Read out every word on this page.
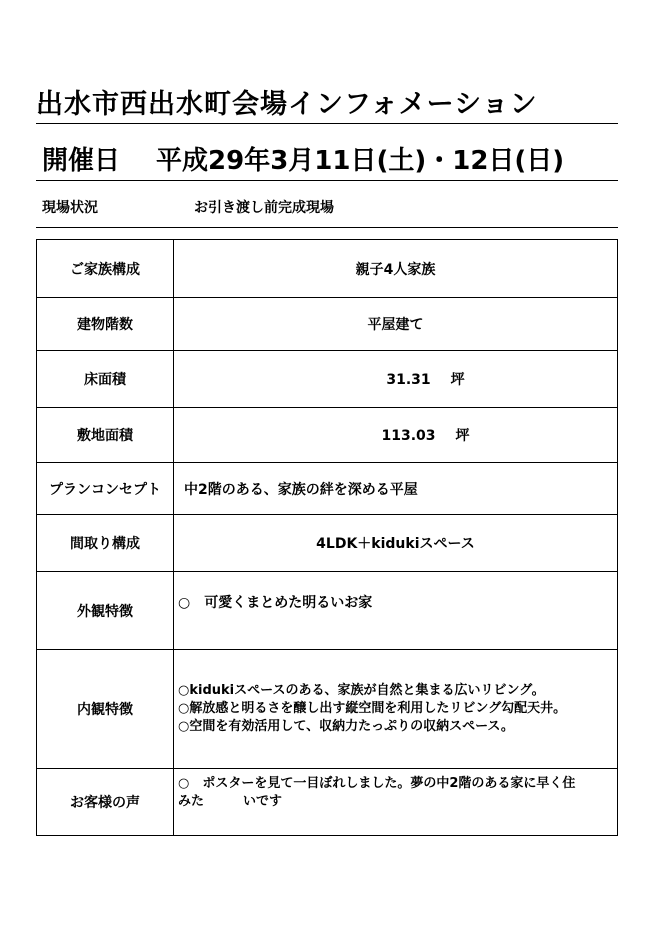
出水市西出水町会場インフォメーション
開催日 平成29年3月11日(土)・12日(日)
現場状況	お引き渡し前完成現場
ご家族構成	親子4人家族
建物階数	平屋建て
床面積	31.31 坪
敷地面積	113.03 坪
プランコンセプト	中2階のある、家族の絆を深める平屋
間取り構成	4LDK＋kidukiスペース
外観特徴	○　可愛くまとめた明るいお家
内観特徴	○kidukiスペースのある、家族が自然と集まる広いリビング。
○解放感と明るさを醸し出す縦空間を利用したリビング勾配天井。
○空間を有効活用して、収納力たっぷりの収納スペース。

お客様の声	○　ポスターを見て一目ぼれしました。夢の中2階のある家に早く住
みた　　　いです
